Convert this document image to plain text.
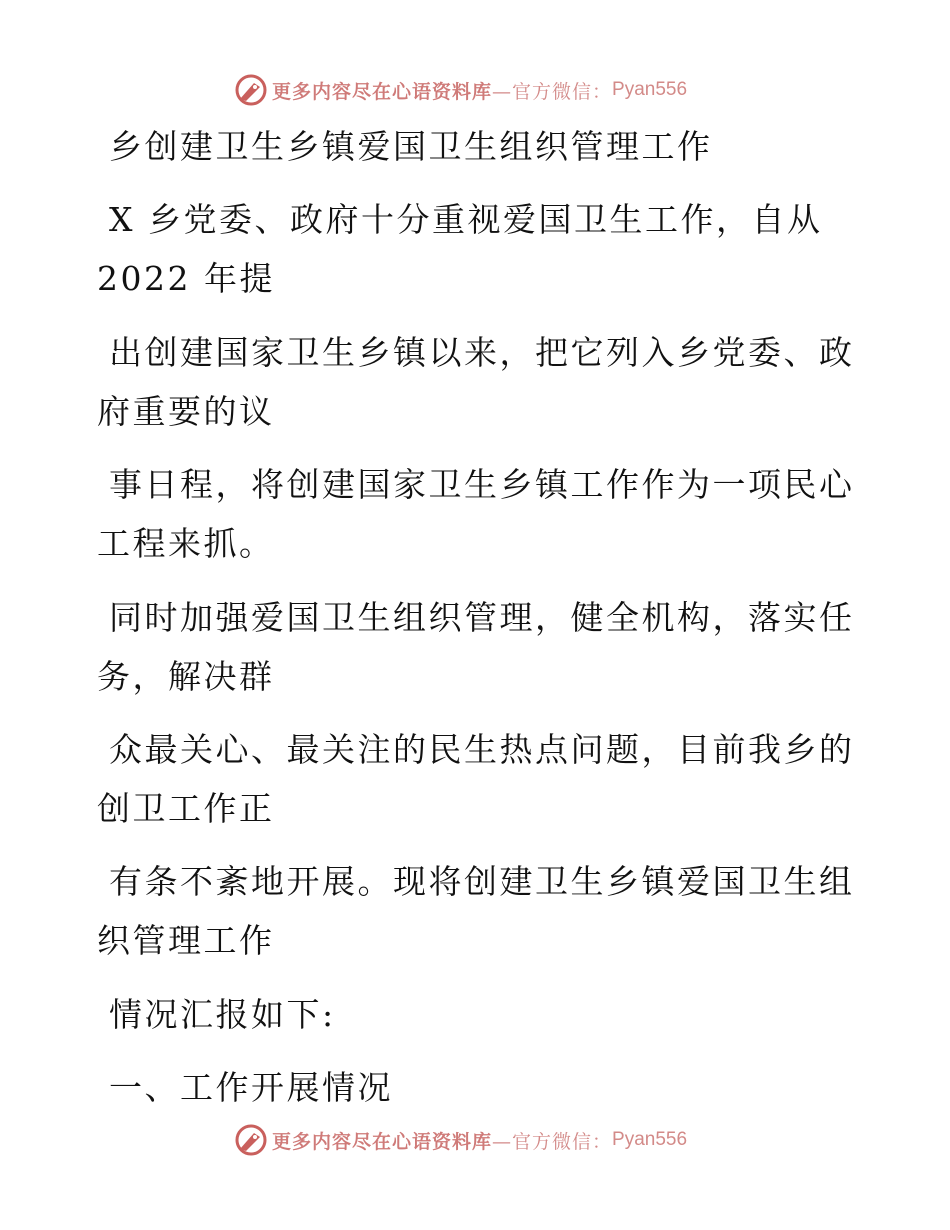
更多内容尽在心语资料库 —官方微信： Pyan556
乡创建卫生乡镇爱国卫生组织管理工作
X 乡党委、政府十分重视爱国卫生工作，自从
2022 年提
出创建国家卫生乡镇以来，把它列入乡党委、政
府重要的议
事日程，将创建国家卫生乡镇工作作为一项民心
工程来抓。
同时加强爱国卫生组织管理，健全机构，落实任
务，解决群
众最关心、最关注的民生热点问题，目前我乡的
创卫工作正
有条不紊地开展。现将创建卫生乡镇爱国卫生组
织管理工作
情况汇报如下:
一、工作开展情况
更多内容尽在心语资料库 —官方微信： Pyan556
